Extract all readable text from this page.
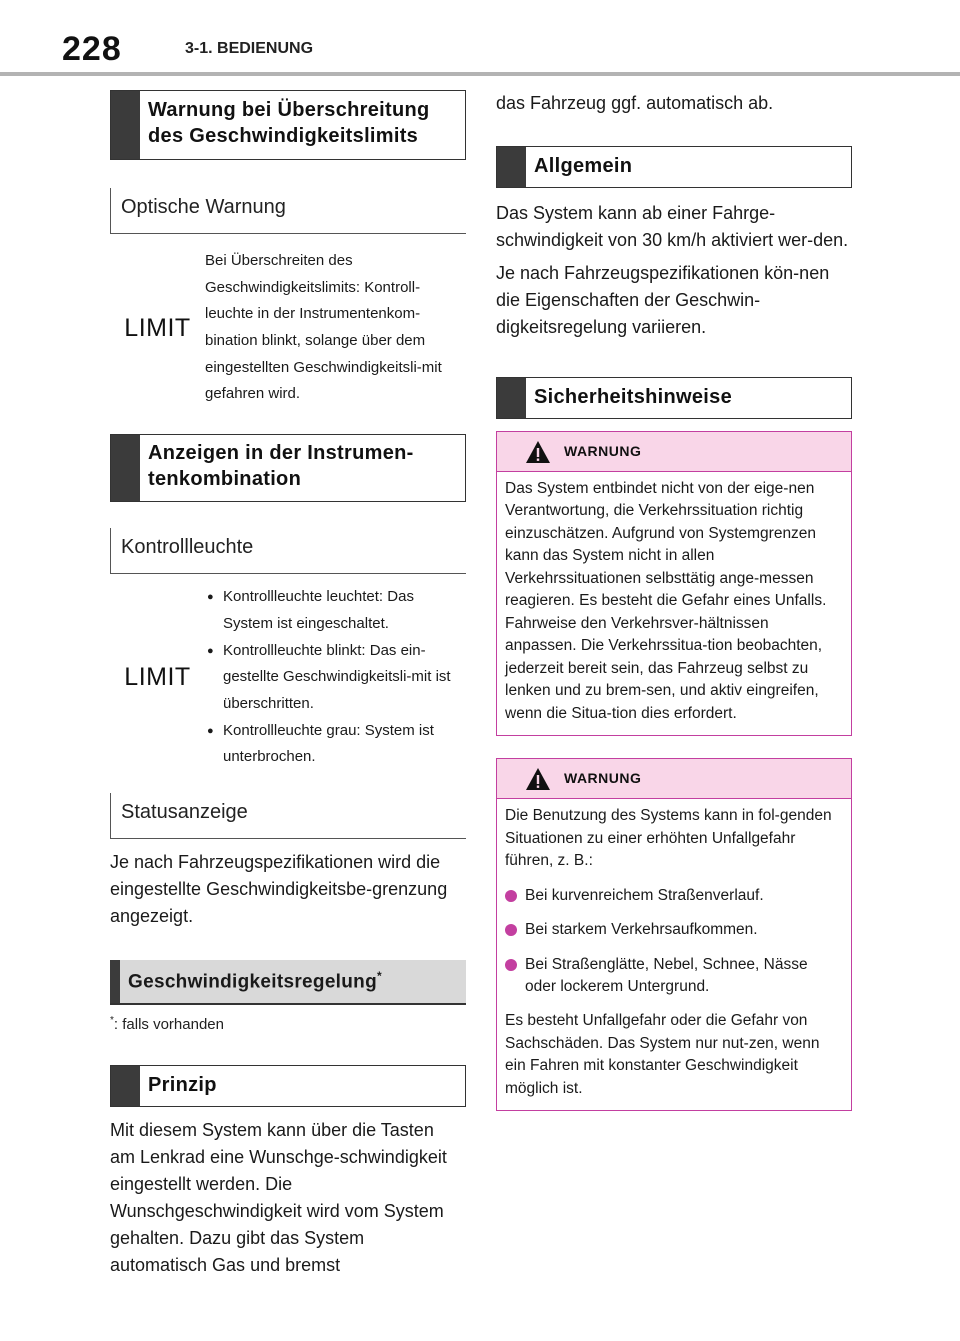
228	3-1. BEDIENUNG
Warnung bei Überschreitung des Geschwindigkeitslimits
Optische Warnung
LIMIT
Bei Überschreiten des Geschwindigkeitslimits: Kontroll-leuchte in der Instrumentenkom-bination blinkt, solange über dem eingestellten Geschwindigkeitsli-mit gefahren wird.
Anzeigen in der Instrumen-tenkombination
Kontrollleuchte
LIMIT
● Kontrollleuchte leuchtet: Das System ist eingeschaltet.
● Kontrollleuchte blinkt: Das ein-gestellte Geschwindigkeitsli-mit ist überschritten.
● Kontrollleuchte grau: System ist unterbrochen.
Statusanzeige
Je nach Fahrzeugspezifikationen wird die eingestellte Geschwindigkeitsbe-grenzung angezeigt.
Geschwindigkeitsregelung*
*: falls vorhanden
Prinzip
Mit diesem System kann über die Tasten am Lenkrad eine Wunschge-schwindigkeit eingestellt werden. Die Wunschgeschwindigkeit wird vom System gehalten. Dazu gibt das System automatisch Gas und bremst
das Fahrzeug ggf. automatisch ab.
Allgemein
Das System kann ab einer Fahrge-schwindigkeit von 30 km/h aktiviert wer-den.
Je nach Fahrzeugspezifikationen kön-nen die Eigenschaften der Geschwin-digkeitsregelung variieren.
Sicherheitshinweise
WARNUNG
Das System entbindet nicht von der eige-nen Verantwortung, die Verkehrssituation richtig einzuschätzen. Aufgrund von Systemgrenzen kann das System nicht in allen Verkehrssituationen selbsttätig ange-messen reagieren. Es besteht die Gefahr eines Unfalls. Fahrweise den Verkehrsver-hältnissen anpassen. Die Verkehrssitua-tion beobachten, jederzeit bereit sein, das Fahrzeug selbst zu lenken und zu brem-sen, und aktiv eingreifen, wenn die Situa-tion dies erfordert.
WARNUNG
Die Benutzung des Systems kann in fol-genden Situationen zu einer erhöhten Unfallgefahr führen, z. B.:
Bei kurvenreichem Straßenverlauf.
Bei starkem Verkehrsaufkommen.
Bei Straßenglätte, Nebel, Schnee, Nässe oder lockerem Untergrund.
Es besteht Unfallgefahr oder die Gefahr von Sachschäden. Das System nur nut-zen, wenn ein Fahren mit konstanter Geschwindigkeit möglich ist.
